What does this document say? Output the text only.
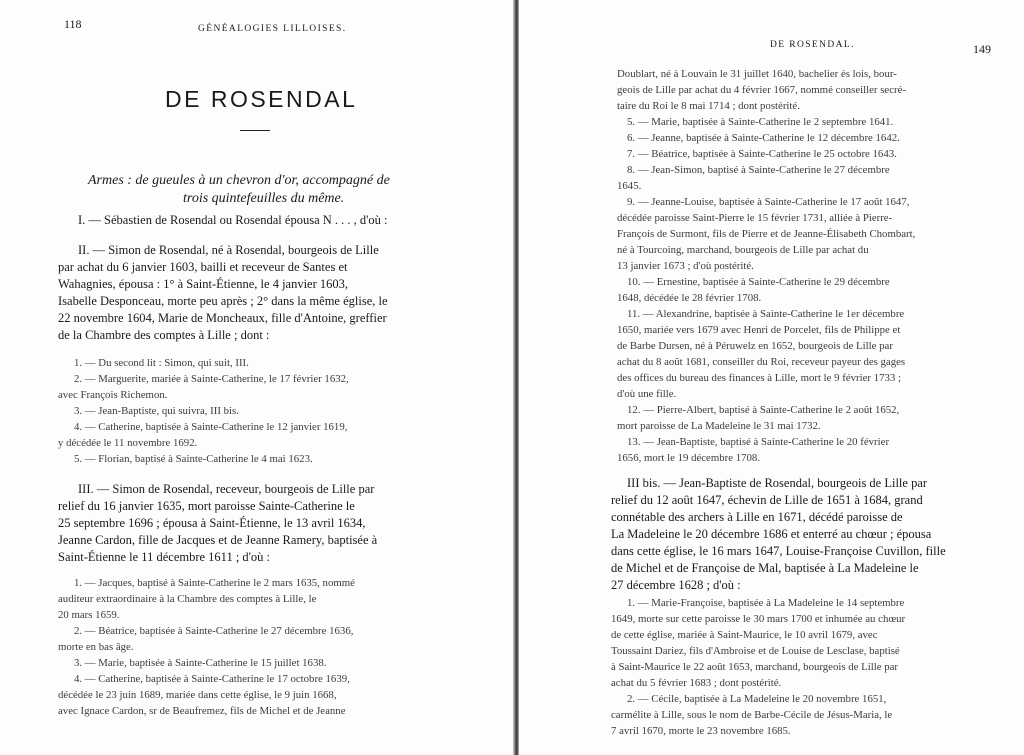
118	GÉNÉALOGIES LILLOISES.
DE ROSENDAL
Armes : de gueules à un chevron d'or, accompagné de
trois quintefeuilles du même.
I. — Sébastien de Rosendal ou Rosendal épousa N . . . , d'où :
II. — Simon de Rosendal, né à Rosendal, bourgeois de Lille
par achat du 6 janvier 1603, bailli et receveur de Santes et
Wahagnies, épousa : 1° à Saint-Étienne, le 4 janvier 1603,
Isabelle Desponceau, morte peu après ; 2° dans la même église, le
22 novembre 1604, Marie de Moncheaux, fille d'Antoine, greffier
de la Chambre des comptes à Lille ; dont :
1. — Du second lit : Simon, qui suit, III.
2. — Marguerite, mariée à Sainte-Catherine, le 17 février 1632,
avec François Richemon.
3. — Jean-Baptiste, qui suivra, III bis.
4. — Catherine, baptisée à Sainte-Catherine le 12 janvier 1619,
y décédée le 11 novembre 1692.
5. — Florian, baptisé à Sainte-Catherine le 4 mai 1623.
III. — Simon de Rosendal, receveur, bourgeois de Lille par
relief du 16 janvier 1635, mort paroisse Sainte-Catherine le
25 septembre 1696 ; épousa à Saint-Étienne, le 13 avril 1634,
Jeanne Cardon, fille de Jacques et de Jeanne Ramery, baptisée à
Saint-Étienne le 11 décembre 1611 ; d'où :
1. — Jacques, baptisé à Sainte-Catherine le 2 mars 1635, nommé
auditeur extraordinaire à la Chambre des comptes à Lille, le
20 mars 1659.
2. — Béatrice, baptisée à Sainte-Catherine le 27 décembre 1636,
morte en bas âge.
3. — Marie, baptisée à Sainte-Catherine le 15 juillet 1638.
4. — Catherine, baptisée à Sainte-Catherine le 17 octobre 1639,
décédée le 23 juin 1689, mariée dans cette église, le 9 juin 1668,
avec Ignace Cardon, sr de Beaufremez, fils de Michel et de Jeanne
DE ROSENDAL.	149
Doublart, né à Louvain le 31 juillet 1640, bachelier ès lois, bour-
geois de Lille par achat du 4 février 1667, nommé conseiller secré-
taire du Roi le 8 mai 1714 ; dont postérité.
5. — Marie, baptisée à Sainte-Catherine le 2 septembre 1641.
6. — Jeanne, baptisée à Sainte-Catherine le 12 décembre 1642.
7. — Béatrice, baptisée à Sainte-Catherine le 25 octobre 1643.
8. — Jean-Simon, baptisé à Sainte-Catherine le 27 décembre
1645.
9. — Jeanne-Louise, baptisée à Sainte-Catherine le 17 août 1647,
décédée paroisse Saint-Pierre le 15 février 1731, alliée à Pierre-
François de Surmont, fils de Pierre et de Jeanne-Élisabeth Chombart,
né à Tourcoing, marchand, bourgeois de Lille par achat du
13 janvier 1673 ; d'où postérité.
10. — Ernestine, baptisée à Sainte-Catherine le 29 décembre
1648, décédée le 28 février 1708.
11. — Alexandrine, baptisée à Sainte-Catherine le 1er décembre
1650, mariée vers 1679 avec Henri de Porcelet, fils de Philippe et
de Barbe Dursen, né à Péruwelz en 1652, bourgeois de Lille par
achat du 8 août 1681, conseiller du Roi, receveur payeur des gages
des offices du bureau des finances à Lille, mort le 9 février 1733 ;
d'où une fille.
12. — Pierre-Albert, baptisé à Sainte-Catherine le 2 août 1652,
mort paroisse de La Madeleine le 31 mai 1732.
13. — Jean-Baptiste, baptisé à Sainte-Catherine le 20 février
1656, mort le 19 décembre 1708.
III bis. — Jean-Baptiste de Rosendal, bourgeois de Lille par
relief du 12 août 1647, échevin de Lille de 1651 à 1684, grand
connétable des archers à Lille en 1671, décédé paroisse de
La Madeleine le 20 décembre 1686 et enterré au chœur ; épousa
dans cette église, le 16 mars 1647, Louise-Françoise Cuvillon, fille
de Michel et de Françoise de Mal, baptisée à La Madeleine le
27 décembre 1628 ; d'où :
1. — Marie-Françoise, baptisée à La Madeleine le 14 septembre
1649, morte sur cette paroisse le 30 mars 1700 et inhumée au chœur
de cette église, mariée à Saint-Maurice, le 10 avril 1679, avec
Toussaint Dariez, fils d'Ambroise et de Louise de Lesclase, baptisé
à Saint-Maurice le 22 août 1653, marchand, bourgeois de Lille par
achat du 5 février 1683 ; dont postérité.
2. — Cécile, baptisée à La Madeleine le 20 novembre 1651,
carmélite à Lille, sous le nom de Barbe-Cécile de Jésus-Maria, le
7 avril 1670, morte le 23 novembre 1685.
